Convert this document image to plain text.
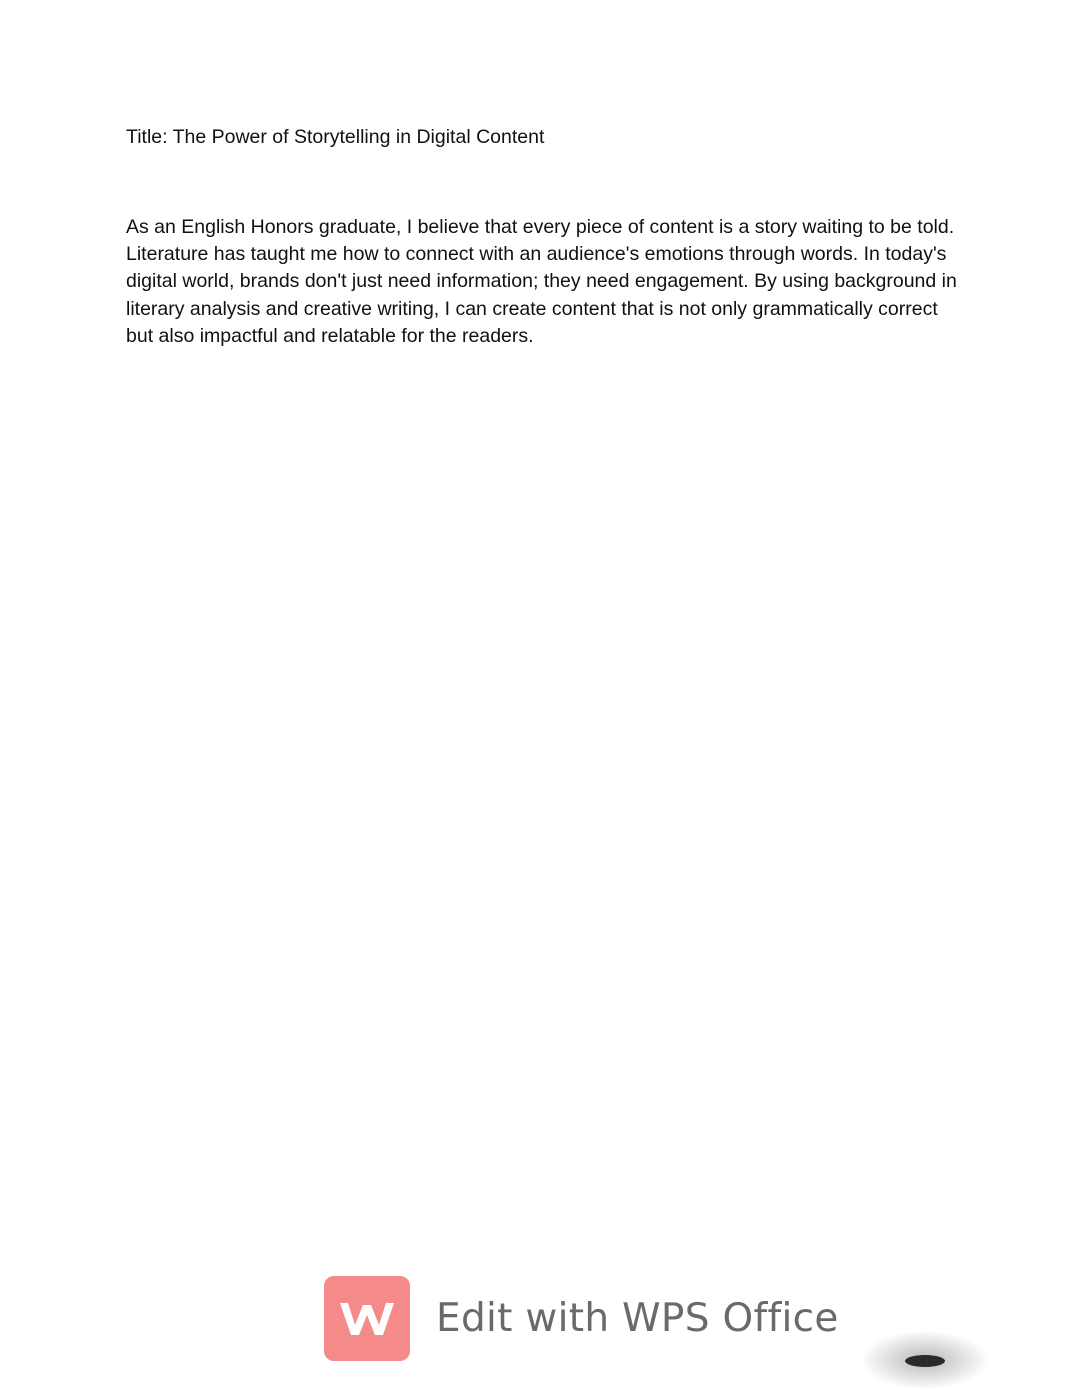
Title: The Power of Storytelling in Digital Content

As an English Honors graduate, I believe that every piece of content is a story waiting to be told.
Literature has taught me how to connect with an audience's emotions through words. In today's
digital world, brands don't just need information; they need engagement. By using background in
literary analysis and creative writing, I can create content that is not only grammatically correct
but also impactful and relatable for the readers.

Edit with WPS Office
